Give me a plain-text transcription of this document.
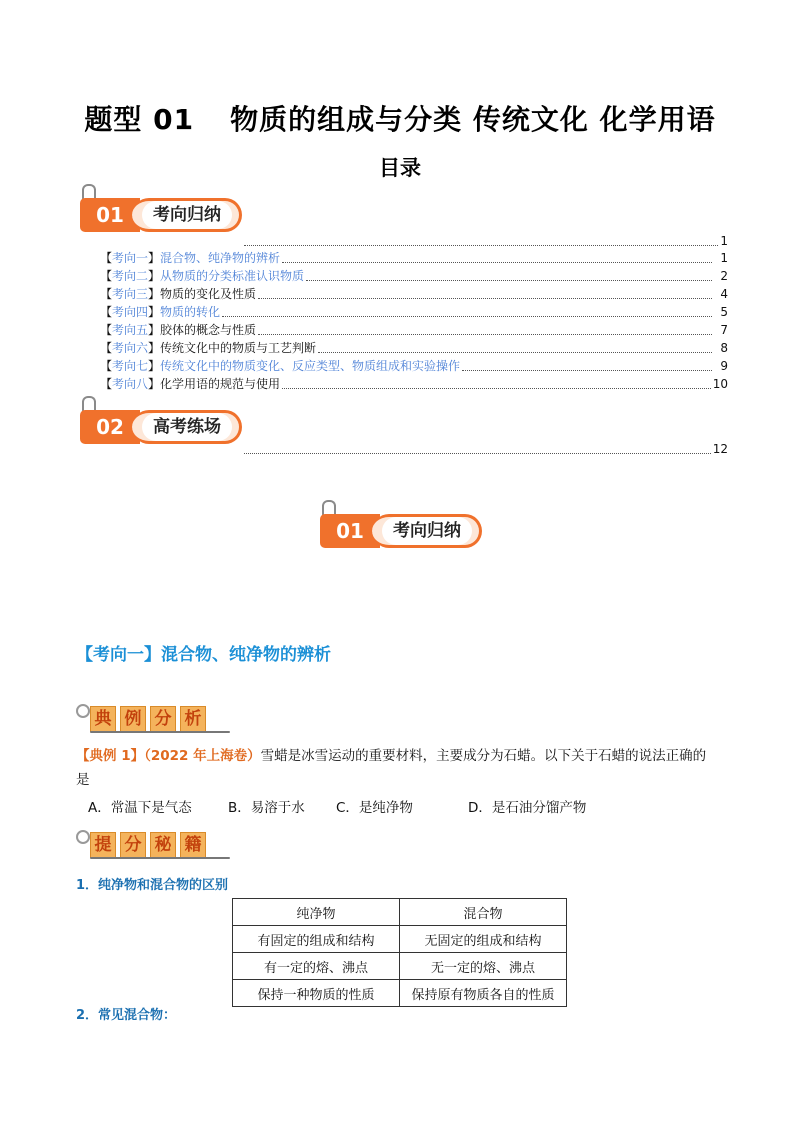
题型 01 物质的组成与分类 传统文化 化学用语
目录
01	考向归纳
1
【 考向一 】 混合物、纯净物的辨析	1
【 考向二 】 从物质的分类标准认识物质	2
【 考向三 】 物质的变化及性质	4
【 考向四 】 物质的转化	5
【 考向五 】 胶体的概念与性质	7
【 考向六 】 传统文化中的物质与工艺判断	8
【 考向七 】 传统文化中的物质变化、反应类型、物质组成和实验操作	9
【 考向八 】 化学用语的规范与使用	10
02	高考练场
12
01	考向归纳
【考向一】混合物、纯净物的辨析
典 例 分 析
【典例 1】（2022 年上海卷）雪蜡是冰雪运动的重要材料，主要成分为石蜡。以下关于石蜡的说法正确的
是
A．常温下是气态	B．易溶于水 C．是纯净物	D．是石油分馏产物
提 分 秘 籍
1．纯净物和混合物的区别
纯净物	混合物
有固定的组成和结构	无固定的组成和结构
有一定的熔、沸点	无一定的熔、沸点
保持一种物质的性质	保持原有物质各自的性质
2．常见混合物：
